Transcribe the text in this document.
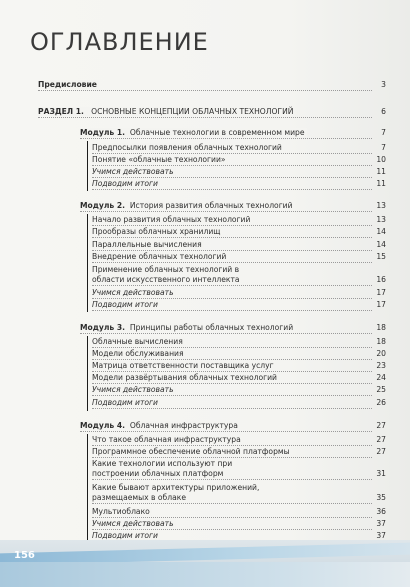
ОГЛАВЛЕНИЕ
Предисловие	3
РАЗДЕЛ 1. ОСНОВНЫЕ КОНЦЕПЦИИ ОБЛАЧНЫХ ТЕХНОЛОГИЙ	6
Модуль 1. Облачные технологии в современном мире	7
Предпосылки появления облачных технологий	7
Понятие «облачные технологии»	10
Учимся действовать	11
Подводим итоги	11
Модуль 2. История развития облачных технологий	13
Начало развития облачных технологий	13
Прообразы облачных хранилищ	14
Параллельные вычисления	14
Внедрение облачных технологий	15
Применение облачных технологий в области искусственного интеллекта	16
Учимся действовать	17
Подводим итоги	17
Модуль 3. Принципы работы облачных технологий	18
Облачные вычисления	18
Модели обслуживания	20
Матрица ответственности поставщика услуг	23
Модели развёртывания облачных технологий	24
Учимся действовать	25
Подводим итоги	26
Модуль 4. Облачная инфраструктура	27
Что такое облачная инфраструктура	27
Программное обеспечение облачной платформы	27
Какие технологии используют при построении облачных платформ	31
Какие бывают архитектуры приложений, размещаемых в облаке	35
Мультиоблако	36
Учимся действовать	37
Подводим итоги	37
156
